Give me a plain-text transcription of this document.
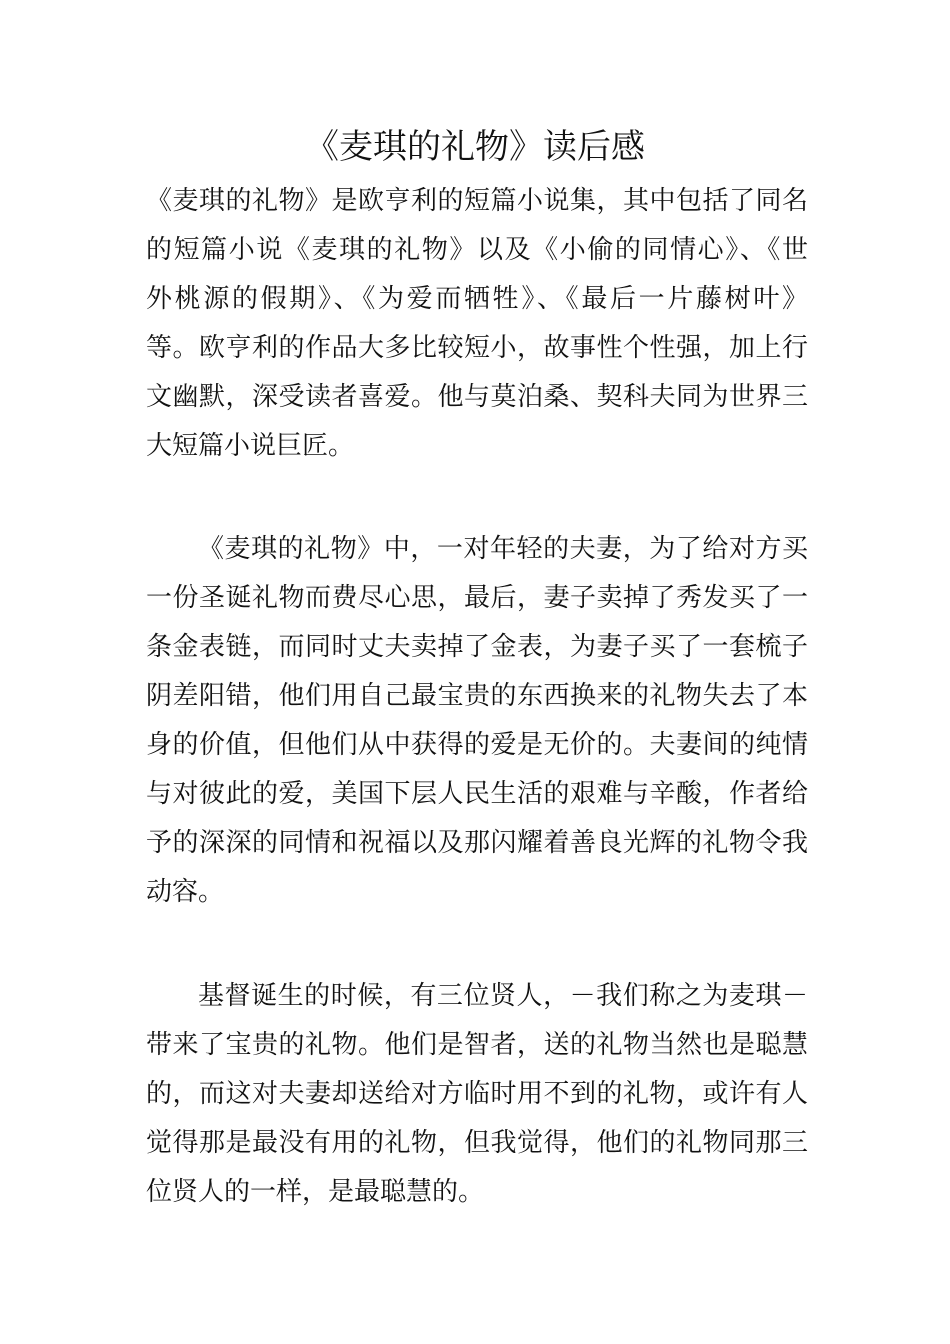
《麦琪的礼物》读后感
《麦琪的礼物》是欧亨利的短篇小说集，其中包括了同名
的短篇小说《麦琪的礼物》以及《小偷的同情心》、《世
外桃源的假期》、《为爱而牺牲》、《最后一片藤树叶》
等。欧亨利的作品大多比较短小，故事性个性强，加上行
文幽默，深受读者喜爱。他与莫泊桑、契科夫同为世界三
大短篇小说巨匠。
《麦琪的礼物》中，一对年轻的夫妻，为了给对方买
一份圣诞礼物而费尽心思，最后，妻子卖掉了秀发买了一
条金表链，而同时丈夫卖掉了金表，为妻子买了一套梳子
阴差阳错，他们用自己最宝贵的东西换来的礼物失去了本
身的价值，但他们从中获得的爱是无价的。夫妻间的纯情
与对彼此的爱，美国下层人民生活的艰难与辛酸，作者给
予的深深的同情和祝福以及那闪耀着善良光辉的礼物令我
动容。
基督诞生的时候，有三位贤人，－我们称之为麦琪－
带来了宝贵的礼物。他们是智者，送的礼物当然也是聪慧
的，而这对夫妻却送给对方临时用不到的礼物，或许有人
觉得那是最没有用的礼物，但我觉得，他们的礼物同那三
位贤人的一样，是最聪慧的。
